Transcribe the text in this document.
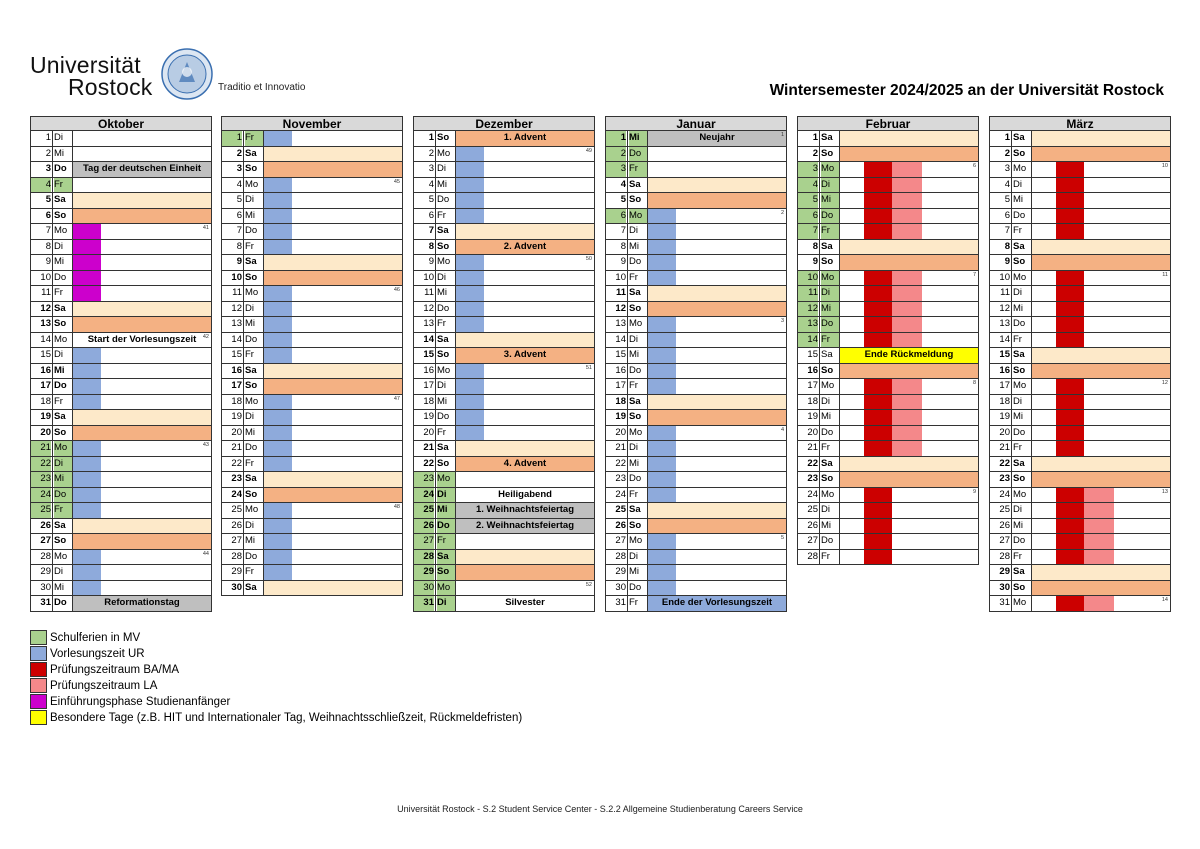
Universität
Rostock	Traditio et Innovatio	Wintersemester 2024/2025 an der Universität Rostock
Oktober
1 Di
2 Mi
3 Do	Tag der deutschen Einheit
4 Fr
5 Sa
6 So
7 Mo	41
8 Di
9 Mi
10 Do
11 Fr
12 Sa
13 So
14 Mo	Start der Vorlesungszeit	42
15 Di
16 Mi
17 Do
18 Fr
19 Sa
20 So
21 Mo	43
22 Di
23 Mi
24 Do
25 Fr
26 Sa
27 So
28 Mo	44
29 Di
30 Mi
31 Do	Reformationstag
November
1 Fr
2 Sa
3 So
4 Mo	45
5 Di
6 Mi
7 Do
8 Fr
9 Sa
10 So
11 Mo	46
12 Di
13 Mi
14 Do
15 Fr
16 Sa
17 So
18 Mo	47
19 Di
20 Mi
21 Do
22 Fr
23 Sa
24 So
25 Mo	48
26 Di
27 Mi
28 Do
29 Fr
30 Sa
Dezember
1 So	1. Advent
2 Mo	49
3 Di
4 Mi
5 Do
6 Fr
7 Sa
8 So	2. Advent
9 Mo	50
10 Di
11 Mi
12 Do
13 Fr
14 Sa
15 So	3. Advent
16 Mo	51
17 Di
18 Mi
19 Do
20 Fr
21 Sa
22 So	4. Advent
23 Mo
24 Di	Heiligabend
25 Mi	1. Weihnachtsfeiertag
26 Do	2. Weihnachtsfeiertag
27 Fr
28 Sa
29 So
30 Mo	52
31 Di	Silvester
Januar
1 Mi	Neujahr	1
2 Do
3 Fr
4 Sa
5 So
6 Mo	2
7 Di
8 Mi
9 Do
10 Fr
11 Sa
12 So
13 Mo	3
14 Di
15 Mi
16 Do
17 Fr
18 Sa
19 So
20 Mo	4
21 Di
22 Mi
23 Do
24 Fr
25 Sa
26 So
27 Mo	5
28 Di
29 Mi
30 Do
31 Fr	Ende der Vorlesungszeit
Februar
1 Sa
2 So
3 Mo	6
4 Di
5 Mi
6 Do
7 Fr
8 Sa
9 So
10 Mo	7
11 Di
12 Mi
13 Do
14 Fr
15 Sa	Ende Rückmeldung
16 So
17 Mo	8
18 Di
19 Mi
20 Do
21 Fr
22 Sa
23 So
24 Mo	9
25 Di
26 Mi
27 Do
28 Fr
März
1 Sa
2 So
3 Mo	10
4 Di
5 Mi
6 Do
7 Fr
8 Sa
9 So
10 Mo	11
11 Di
12 Mi
13 Do
14 Fr
15 Sa
16 So
17 Mo	12
18 Di
19 Mi
20 Do
21 Fr
22 Sa
23 So
24 Mo	13
25 Di
26 Mi
27 Do
28 Fr
29 Sa
30 So
31 Mo	14
Schulferien in MV
Vorlesungszeit UR
Prüfungszeitraum BA/MA
Prüfungszeitraum LA
Einführungsphase Studienanfänger
Besondere Tage (z.B. HIT und Internationaler Tag, Weihnachtsschließzeit, Rückmeldefristen)
Universität Rostock - S.2 Student Service Center - S.2.2 Allgemeine Studienberatung Careers Service
